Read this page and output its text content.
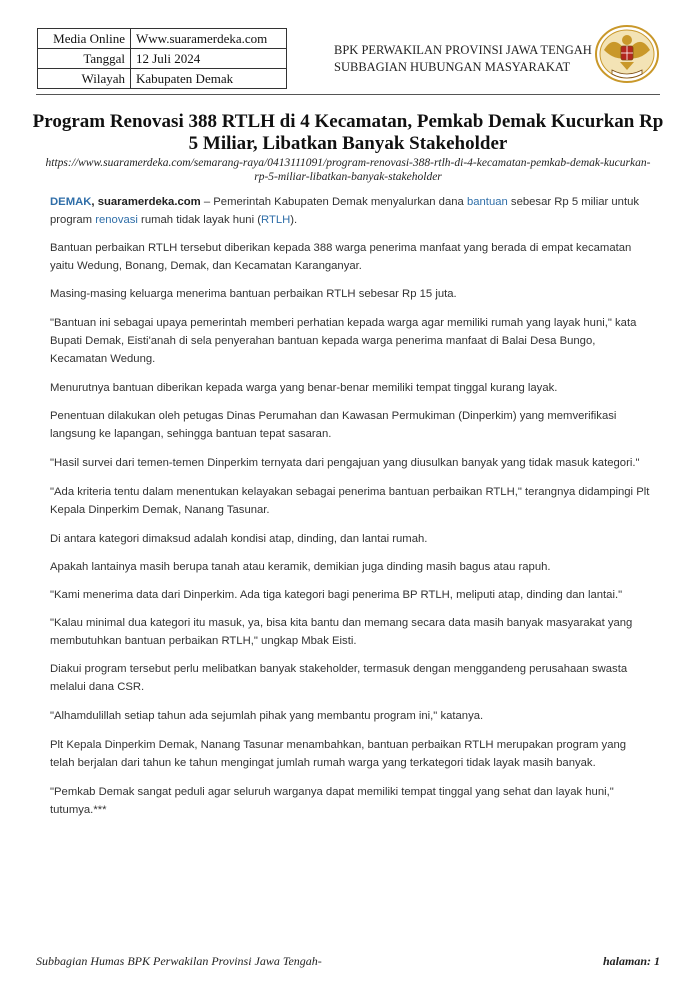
Media Online	Www.suaramerdeka.com
Tanggal	12 Juli 2024
Wilayah	Kabupaten Demak
BPK PERWAKILAN PROVINSI JAWA TENGAH
SUBBAGIAN HUBUNGAN MASYARAKAT
Program Renovasi 388 RTLH di 4 Kecamatan, Pemkab Demak Kucurkan Rp 5 Miliar, Libatkan Banyak Stakeholder
https://www.suaramerdeka.com/semarang-raya/0413111091/program-renovasi-388-rtlh-di-4-kecamatan-pemkab-demak-kucurkan-rp-5-miliar-libatkan-banyak-stakeholder

DEMAK, suaramerdeka.com – Pemerintah Kabupaten Demak menyalurkan dana bantuan sebesar Rp 5 miliar untuk program renovasi rumah tidak layak huni (RTLH).

Bantuan perbaikan RTLH tersebut diberikan kepada 388 warga penerima manfaat yang berada di empat kecamatan yaitu Wedung, Bonang, Demak, dan Kecamatan Karanganyar.

Masing-masing keluarga menerima bantuan perbaikan RTLH sebesar Rp 15 juta.

"Bantuan ini sebagai upaya pemerintah memberi perhatian kepada warga agar memiliki rumah yang layak huni," kata Bupati Demak, Eisti'anah di sela penyerahan bantuan kepada warga penerima manfaat di Balai Desa Bungo, Kecamatan Wedung.

Menurutnya bantuan diberikan kepada warga yang benar-benar memiliki tempat tinggal kurang layak.

Penentuan dilakukan oleh petugas Dinas Perumahan dan Kawasan Permukiman (Dinperkim) yang memverifikasi langsung ke lapangan, sehingga bantuan tepat sasaran.

"Hasil survei dari temen-temen Dinperkim ternyata dari pengajuan yang diusulkan banyak yang tidak masuk kategori."

"Ada kriteria tentu dalam menentukan kelayakan sebagai penerima bantuan perbaikan RTLH," terangnya didampingi Plt Kepala Dinperkim Demak, Nanang Tasunar.

Di antara kategori dimaksud adalah kondisi atap, dinding, dan lantai rumah.

Apakah lantainya masih berupa tanah atau keramik, demikian juga dinding masih bagus atau rapuh.

"Kami menerima data dari Dinperkim. Ada tiga kategori bagi penerima BP RTLH, meliputi atap, dinding dan lantai."

"Kalau minimal dua kategori itu masuk, ya, bisa kita bantu dan memang secara data masih banyak masyarakat yang membutuhkan bantuan perbaikan RTLH," ungkap Mbak Eisti.

Diakui program tersebut perlu melibatkan banyak stakeholder, termasuk dengan menggandeng perusahaan swasta melalui dana CSR.

"Alhamdulillah setiap tahun ada sejumlah pihak yang membantu program ini," katanya.

Plt Kepala Dinperkim Demak, Nanang Tasunar menambahkan, bantuan perbaikan RTLH merupakan program yang telah berjalan dari tahun ke tahun mengingat jumlah rumah warga yang terkategori tidak layak masih banyak.

"Pemkab Demak sangat peduli agar seluruh warganya dapat memiliki tempat tinggal yang sehat dan layak huni," tutumya.***

Subbagian Humas BPK Perwakilan Provinsi Jawa Tengah-	halaman: 1
